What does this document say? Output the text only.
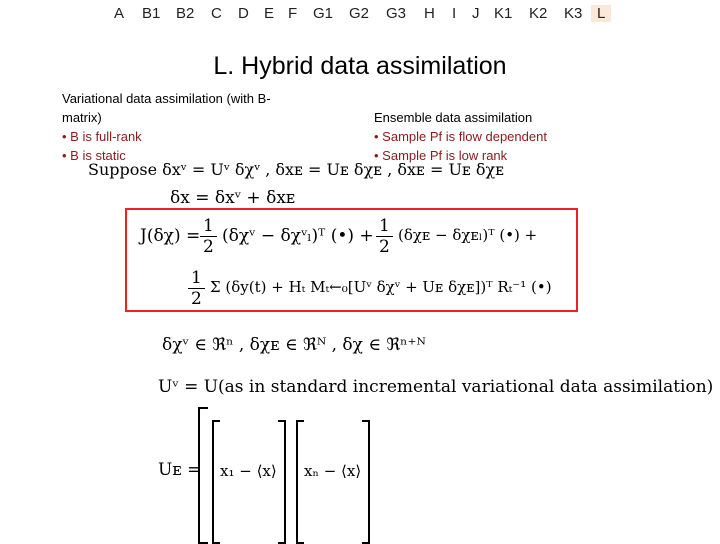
A B1 B2 C D E F G1 G2 G3 H I J K1 K2 K3 L
L. Hybrid data assimilation
Variational data assimilation (with B-
matrix)
• B is full-rank
• B is static
Ensemble data assimilation
• Sample Pf is flow dependent
• Sample Pf is low rank
Suppose δxᵛ = Uᵛ δχᵛ , δxᴇ = Uᴇ δχᴇ , δxᴇ = Uᴇ δχᴇ
δx = δxᵛ + δxᴇ
$J(\delta\chi) = \frac{1}{2}$ (δχᵛ − δχᵛₗ)ᵀ (•) + $\frac{1}{2}$ (δχᴇ − δχᴇₗ)ᵀ (•) +
$\frac{1}{2}$ Σ (δy(t) + Hₜ Mₜ←₀[Uᵛ δχᵛ + Uᴇ δχᴇ])ᵀ Rₜ⁻¹ (•)
δχᵛ ∈ ℜⁿ , δχᴇ ∈ ℜᴺ , δχ ∈ ℜⁿ⁺ᴺ
Uᵛ = U(as in standard incremental variational data assimilation)
Uᴇ = x₁ − ⟨x⟩ xₙ − ⟨x⟩
